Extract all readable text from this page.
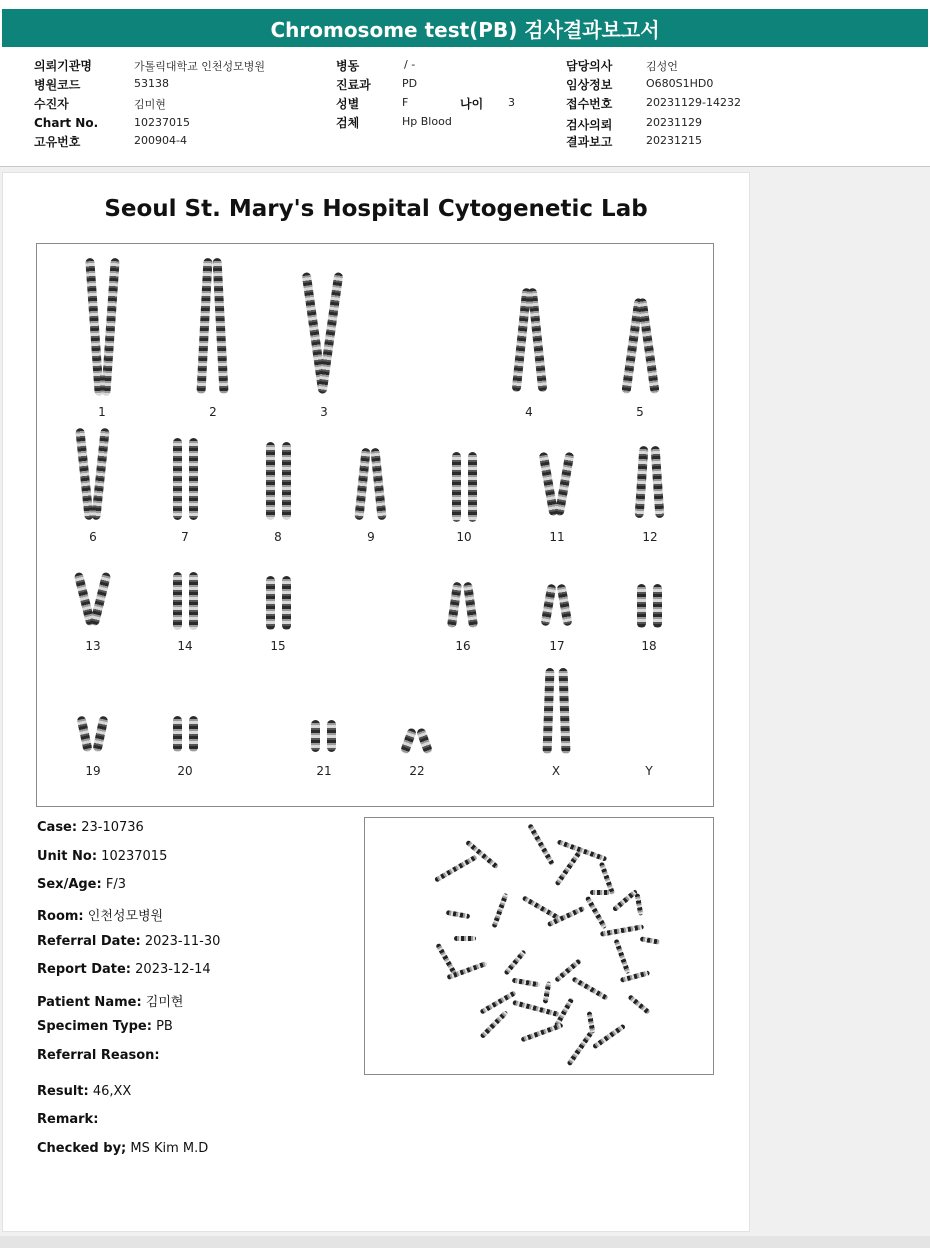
Chromosome test(PB) 검사결과보고서
의뢰기관명	가톨릭대학교 인천성모병원
병원코드	53138
수진자	김미현
Chart No.	10237015
고유번호	200904-4
병동	/ -
진료과	PD
성별	F	나이 3
검체	Hp Blood
담당의사	김성언
임상정보	O680S1HD0
접수번호	20231129-14232
검사의뢰	20231129
결과보고	20231215
Seoul St. Mary's Hospital Cytogenetic Lab
1	2	3	4	5
6	7	8	9	10	11	12
13	14	15	16	17	18
19	20	21	22	X	Y
Case: 23-10736
Unit No: 10237015
Sex/Age: F/3
Room: 인천성모병원
Referral Date: 2023-11-30
Report Date: 2023-12-14
Patient Name: 김미현
Specimen Type: PB
Referral Reason:
Result: 46,XX
Remark:
Checked by; MS Kim M.D
